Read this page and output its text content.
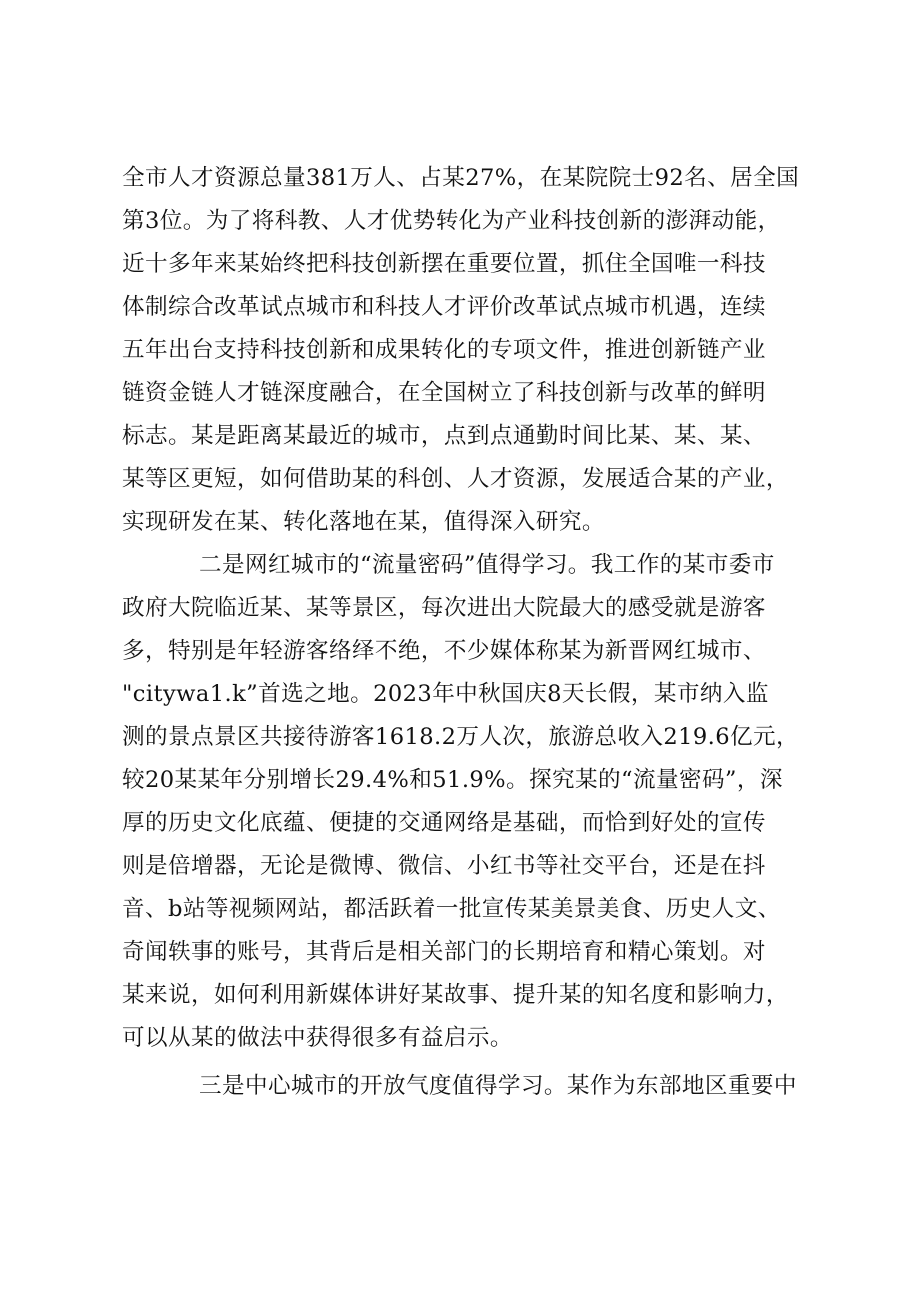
全市人才资源总量381万人、占某27%，在某院院士92名、居全国
第3位。为了将科教、人才优势转化为产业科技创新的澎湃动能，
近十多年来某始终把科技创新摆在重要位置，抓住全国唯一科技
体制综合改革试点城市和科技人才评价改革试点城市机遇，连续
五年出台支持科技创新和成果转化的专项文件，推进创新链产业
链资金链人才链深度融合，在全国树立了科技创新与改革的鲜明
标志。某是距离某最近的城市，点到点通勤时间比某、某、某、
某等区更短，如何借助某的科创、人才资源，发展适合某的产业，
实现研发在某、转化落地在某，值得深入研究。
二是网红城市的“流量密码”值得学习。我工作的某市委市
政府大院临近某、某等景区，每次进出大院最大的感受就是游客
多，特别是年轻游客络绎不绝，不少媒体称某为新晋网红城市、
"citywa1.k”首选之地。2023年中秋国庆8天长假，某市纳入监
测的景点景区共接待游客1618.2万人次，旅游总收入219.6亿元，
较20某某年分别增长29.4%和51.9%。探究某的“流量密码”，深
厚的历史文化底蕴、便捷的交通网络是基础，而恰到好处的宣传
则是倍增器，无论是微博、微信、小红书等社交平台，还是在抖
音、b站等视频网站，都活跃着一批宣传某美景美食、历史人文、
奇闻轶事的账号，其背后是相关部门的长期培育和精心策划。对
某来说，如何利用新媒体讲好某故事、提升某的知名度和影响力，
可以从某的做法中获得很多有益启示。
三是中心城市的开放气度值得学习。某作为东部地区重要中
